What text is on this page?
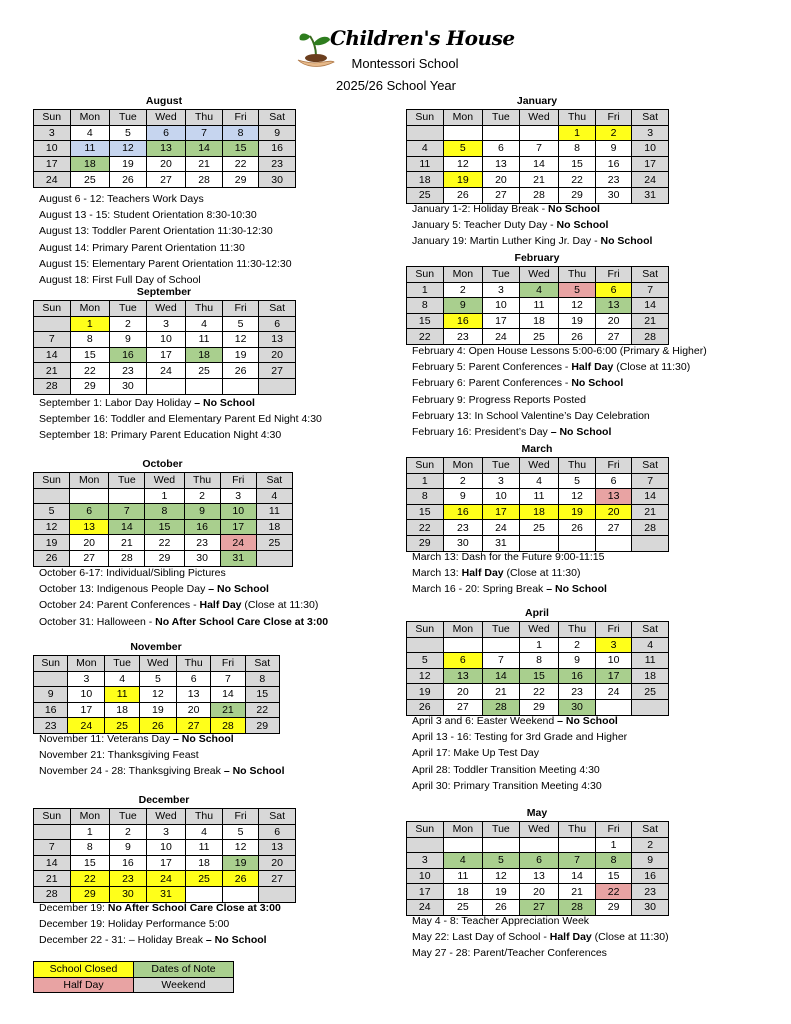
Children's House
Montessori School
2025/26 School Year
August
Sun	Mon	Tue	Wed	Thu	Fri	Sat
3	4	5	6	7	8	9
10	11	12	13	14	15	16
17	18	19	20	21	22	23
24	25	26	27	28	29	30
August 6 - 12: Teachers Work Days
August 13 - 15: Student Orientation 8:30-10:30
August 13: Toddler Parent Orientation 11:30-12:30
August 14: Primary Parent Orientation 11:30
August 15: Elementary Parent Orientation 11:30-12:30
August 18: First Full Day of School
September
Sun	Mon	Tue	Wed	Thu	Fri	Sat
	1	2	3	4	5	6
7	8	9	10	11	12	13
14	15	16	17	18	19	20
21	22	23	24	25	26	27
28	29	30				
September 1: Labor Day Holiday – No School
September 16: Toddler and Elementary Parent Ed Night 4:30
September 18: Primary Parent Education Night 4:30
October
Sun	Mon	Tue	Wed	Thu	Fri	Sat
			1	2	3	4
5	6	7	8	9	10	11
12	13	14	15	16	17	18
19	20	21	22	23	24	25
26	27	28	29	30	31	
October 6-17: Individual/Sibling Pictures
October 13: Indigenous People Day – No School
October 24: Parent Conferences - Half Day (Close at 11:30)
October 31: Halloween - No After School Care Close at 3:00
November
Sun	Mon	Tue	Wed	Thu	Fri	Sat
	3	4	5	6	7	8
9	10	11	12	13	14	15
16	17	18	19	20	21	22
23	24	25	26	27	28	29
November 11: Veterans Day – No School
November 21: Thanksgiving Feast
November 24 - 28: Thanksgiving Break – No School
December
Sun	Mon	Tue	Wed	Thu	Fri	Sat
	1	2	3	4	5	6
7	8	9	10	11	12	13
14	15	16	17	18	19	20
21	22	23	24	25	26	27
28	29	30	31			
December 19: No After School Care Close at 3:00
December 19: Holiday Performance 5:00
December 22 - 31: – Holiday Break – No School
January
Sun	Mon	Tue	Wed	Thu	Fri	Sat
				1	2	3
4	5	6	7	8	9	10
11	12	13	14	15	16	17
18	19	20	21	22	23	24
25	26	27	28	29	30	31
January 1-2: Holiday Break - No School
January 5: Teacher Duty Day - No School
January 19: Martin Luther King Jr. Day - No School
February
Sun	Mon	Tue	Wed	Thu	Fri	Sat
1	2	3	4	5	6	7
8	9	10	11	12	13	14
15	16	17	18	19	20	21
22	23	24	25	26	27	28
February 4: Open House Lessons 5:00-6:00 (Primary & Higher)
February 5: Parent Conferences - Half Day (Close at 11:30)
February 6: Parent Conferences - No School
February 9: Progress Reports Posted
February 13: In School Valentine’s Day Celebration
February 16: President’s Day – No School
March
Sun	Mon	Tue	Wed	Thu	Fri	Sat
1	2	3	4	5	6	7
8	9	10	11	12	13	14
15	16	17	18	19	20	21
22	23	24	25	26	27	28
29	30	31				
March 13: Dash for the Future 9:00-11:15
March 13: Half Day (Close at 11:30)
March 16 - 20: Spring Break – No School
April
Sun	Mon	Tue	Wed	Thu	Fri	Sat
			1	2	3	4
5	6	7	8	9	10	11
12	13	14	15	16	17	18
19	20	21	22	23	24	25
26	27	28	29	30		
April 3 and 6: Easter Weekend – No School
April 13 - 16: Testing for 3rd Grade and Higher
April 17: Make Up Test Day
April 28: Toddler Transition Meeting 4:30
April 30: Primary Transition Meeting 4:30
May
Sun	Mon	Tue	Wed	Thu	Fri	Sat
					1	2
3	4	5	6	7	8	9
10	11	12	13	14	15	16
17	18	19	20	21	22	23
24	25	26	27	28	29	30
May 4 - 8: Teacher Appreciation Week
May 22: Last Day of School - Half Day (Close at 11:30)
May 27 - 28: Parent/Teacher Conferences
School Closed	Dates of Note
Half Day	Weekend
